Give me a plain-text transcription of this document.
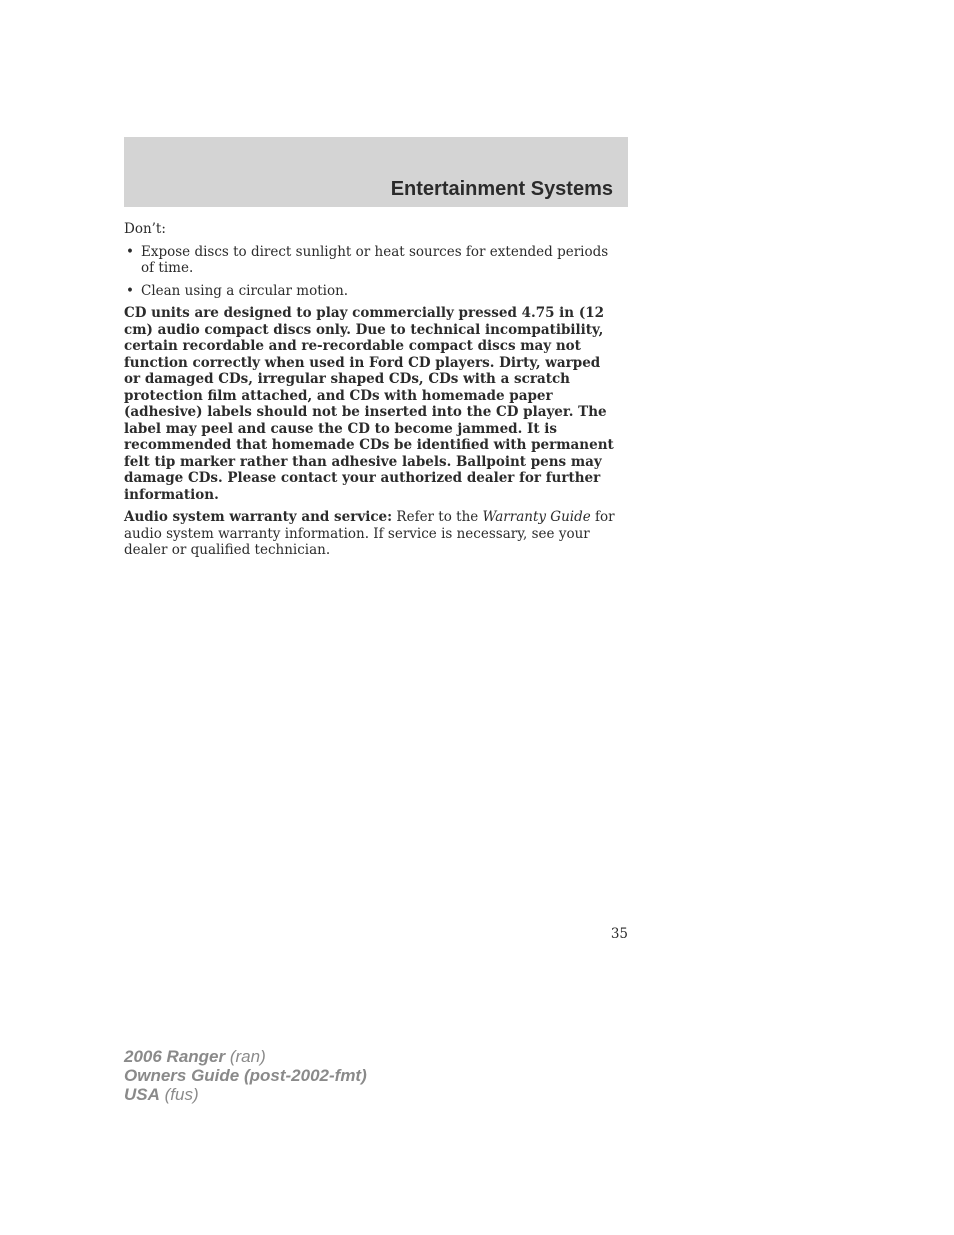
Entertainment Systems

Don’t:

• Expose discs to direct sunlight or heat sources for extended periods of time.
• Clean using a circular motion.

CD units are designed to play commercially pressed 4.75 in (12 cm) audio compact discs only. Due to technical incompatibility, certain recordable and re-recordable compact discs may not function correctly when used in Ford CD players. Dirty, warped or damaged CDs, irregular shaped CDs, CDs with a scratch protection film attached, and CDs with homemade paper (adhesive) labels should not be inserted into the CD player. The label may peel and cause the CD to become jammed. It is recommended that homemade CDs be identified with permanent felt tip marker rather than adhesive labels. Ballpoint pens may damage CDs. Please contact your authorized dealer for further information.

Audio system warranty and service: Refer to the Warranty Guide for audio system warranty information. If service is necessary, see your dealer or qualified technician.

35
2006 Ranger (ran)
Owners Guide (post-2002-fmt)
USA (fus)
